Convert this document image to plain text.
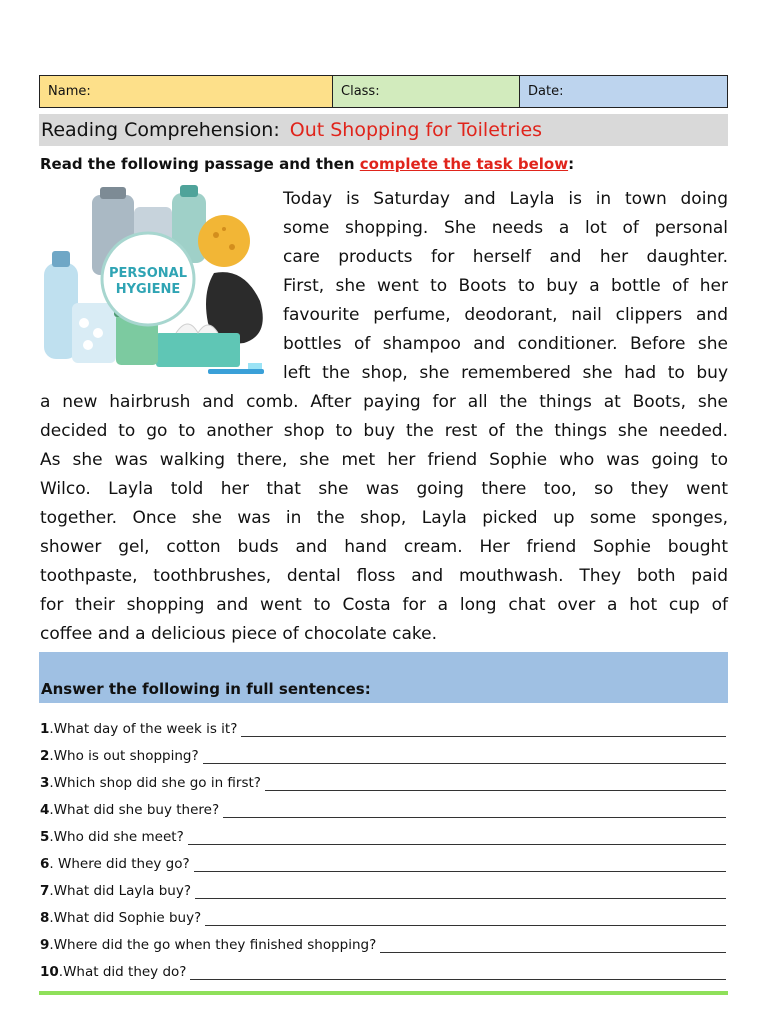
Name:	Class:	Date:
Reading Comprehension: Out Shopping for Toiletries
Read the following passage and then complete the task below:
PERSONAL
HYGIENE
Today is Saturday and Layla is in town doing
some shopping. She needs a lot of personal
care products for herself and her daughter.
First, she went to Boots to buy a bottle of her
favourite perfume, deodorant, nail clippers and
bottles of shampoo and conditioner. Before she
left the shop, she remembered she had to buy
a new hairbrush and comb. After paying for all the things at Boots, she
decided to go to another shop to buy the rest of the things she needed.
As she was walking there, she met her friend Sophie who was going to
Wilco. Layla told her that she was going there too, so they went
together. Once she was in the shop, Layla picked up some sponges,
shower gel, cotton buds and hand cream. Her friend Sophie bought
toothpaste, toothbrushes, dental floss and mouthwash. They both paid
for their shopping and went to Costa for a long chat over a hot cup of
coffee and a delicious piece of chocolate cake.
Answer the following in full sentences:
1 .What day of the week is it?
2 .Who is out shopping?
3 .Which shop did she go in first?
4 .What did she buy there?
5 .Who did she meet?
6 . Where did they go?
7 .What did Layla buy?
8 .What did Sophie buy?
9 .Where did the go when they finished shopping?
10 .What did they do?
